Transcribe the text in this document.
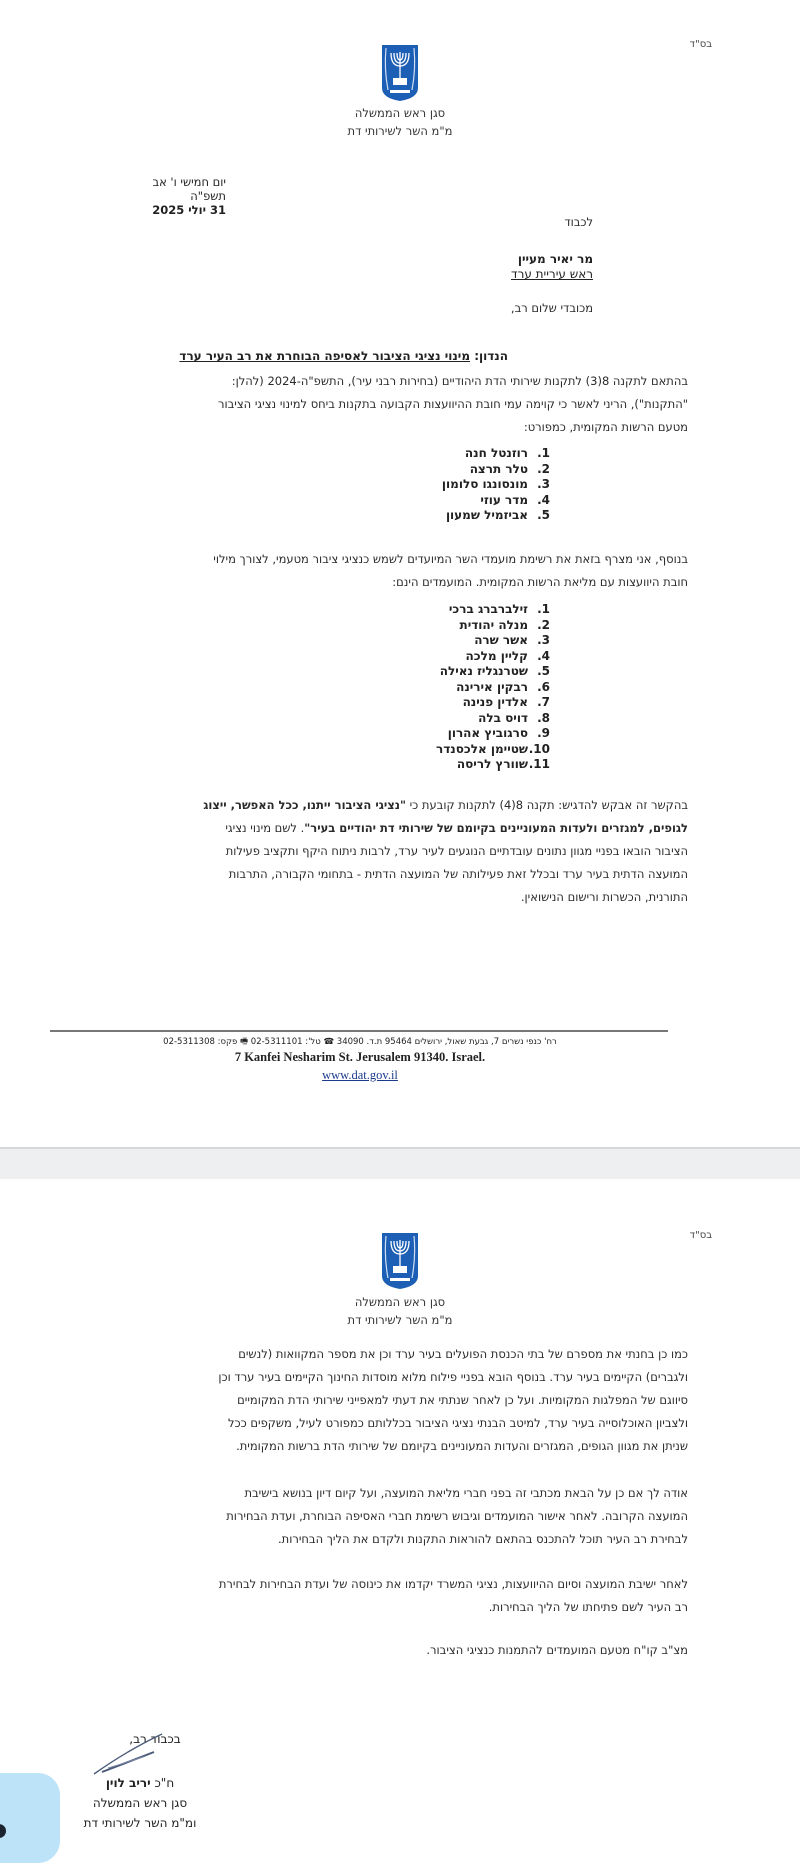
בס"ד
סגן ראש הממשלה
מ"מ השר לשירותי דת
יום חמישי ו' אב תשפ"ה
31 יולי 2025
לכבוד
מר יאיר מעיין
ראש עיריית ערד
מכובדי שלום רב,
הנדון: מינוי נציגי הציבור לאסיפה הבוחרת את רב העיר ערד
בהתאם לתקנה 8(3) לתקנות שירותי הדת היהודיים (בחירות רבני עיר), התשפ"ה-2024 (להלן:
"התקנות"), הריני לאשר כי קוימה עמי חובת ההיוועצות הקבועה בתקנות ביחס למינוי נציגי הציבור
מטעם הרשות המקומית, כמפורט:
1.רוזנטל חנה
2.טלר תרצה
3.מונסונגו סלומון
4.מדר עוזי
5.אביזמיל שמעון
בנוסף, אני מצרף בזאת את רשימת מועמדי השר המיועדים לשמש כנציגי ציבור מטעמי, לצורך מילוי
חובת היוועצות עם מליאת הרשות המקומית. המועמדים הינם:
1.זילברברג ברכי
2.מנלה יהודית
3.אשר שרה
4.קליין מלכה
5.שטרנגליז נאילה
6.רבקין אירינה
7.אלדין פנינה
8.דויס בלה
9.סרגוביץ אהרון
10.שטיימן אלכסנדר
11.שוורץ לריסה
בהקשר זה אבקש להדגיש: תקנה 8(4) לתקנות קובעת כי "נציגי הציבור ייתנו, ככל האפשר, ייצוג
לגופים, למגזרים ולעדות המעוניינים בקיומם של שירותי דת יהודיים בעיר". לשם מינוי נציגי
הציבור הובאו בפניי מגוון נתונים עובדתיים הנוגעים לעיר ערד, לרבות ניתוח היקף ותקציב פעילות
המועצה הדתית בעיר ערד ובכלל זאת פעילותה של המועצה הדתית - בתחומי הקבורה, התרבות
התורנית, הכשרות ורישום הנישואין.
רח' כנפי נשרים 7, גבעת שאול, ירושלים 95464 ת.ד. 34090 ☎ טל': 02-5311101 🖷 פקס: 02-5311308
7 Kanfei Nesharim St. Jerusalem 91340. Israel.
www.dat.gov.il
בס"ד
סגן ראש הממשלה
מ"מ השר לשירותי דת
כמו כן בחנתי את מספרם של בתי הכנסת הפועלים בעיר ערד וכן את מספר המקוואות (לנשים
ולגברים) הקיימים בעיר ערד. בנוסף הובא בפניי פילוח מלוא מוסדות החינוך הקיימים בעיר ערד וכן
סיווגם של המפלגות המקומיות. ועל כן לאחר שנתתי את דעתי למאפייני שירותי הדת המקומיים
ולצביון האוכלוסייה בעיר ערד, למיטב הבנתי נציגי הציבור בכללותם כמפורט לעיל, משקפים ככל
שניתן את מגוון הגופים, המגזרים והעדות המעוניינים בקיומם של שירותי הדת ברשות המקומית.
אודה לך אם כן על הבאת מכתבי זה בפני חברי מליאת המועצה, ועל קיום דיון בנושא בישיבת
המועצה הקרובה. לאחר אישור המועמדים וגיבוש רשימת חברי האסיפה הבוחרת, ועדת הבחירות
לבחירת רב העיר תוכל להתכנס בהתאם להוראות התקנות ולקדם את הליך הבחירות.
לאחר ישיבת המועצה וסיום ההיוועצות, נציגי המשרד יקדמו את כינוסה של ועדת הבחירות לבחירת
רב העיר לשם פתיחתו של הליך הבחירות.
מצ"ב קו"ח מטעם המועמדים להתמנות כנציגי הציבור.
בכבוד רב,
ח"כ יריב לוין
סגן ראש הממשלה
ומ"מ השר לשירותי דת
